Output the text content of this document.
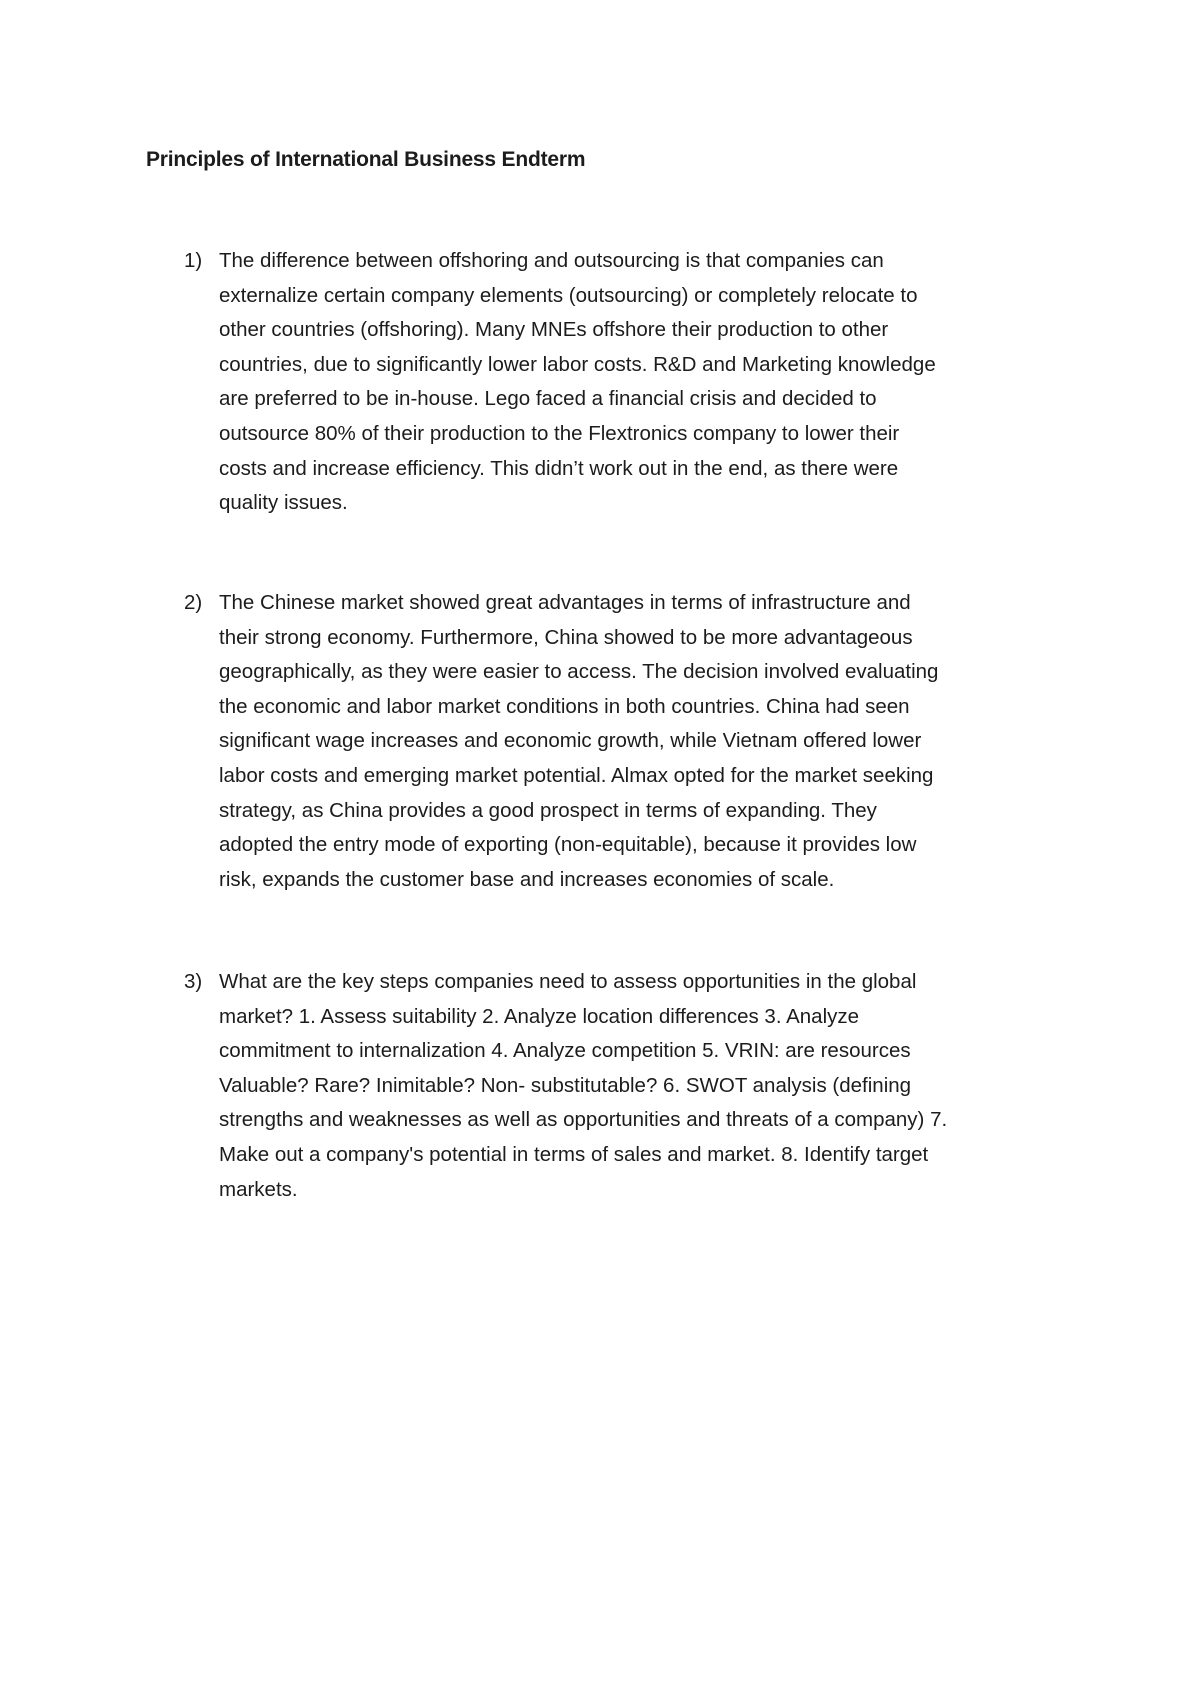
Principles of International Business Endterm
1) The difference between offshoring and outsourcing is that companies can
externalize certain company elements (outsourcing) or completely relocate to
other countries (offshoring). Many MNEs offshore their production to other
countries, due to significantly lower labor costs. R&D and Marketing knowledge
are preferred to be in-house. Lego faced a financial crisis and decided to
outsource 80% of their production to the Flextronics company to lower their
costs and increase efficiency. This didn’t work out in the end, as there were
quality issues.
2) The Chinese market showed great advantages in terms of infrastructure and
their strong economy. Furthermore, China showed to be more advantageous
geographically, as they were easier to access. The decision involved evaluating
the economic and labor market conditions in both countries. China had seen
significant wage increases and economic growth, while Vietnam offered lower
labor costs and emerging market potential. Almax opted for the market seeking
strategy, as China provides a good prospect in terms of expanding. They
adopted the entry mode of exporting (non-equitable), because it provides low
risk, expands the customer base and increases economies of scale.
3) What are the key steps companies need to assess opportunities in the global
market? 1. Assess suitability 2. Analyze location differences 3. Analyze
commitment to internalization 4. Analyze competition 5. VRIN: are resources
Valuable? Rare? Inimitable? Non- substitutable? 6. SWOT analysis (defining
strengths and weaknesses as well as opportunities and threats of a company) 7.
Make out a company's potential in terms of sales and market. 8. Identify target
markets.
